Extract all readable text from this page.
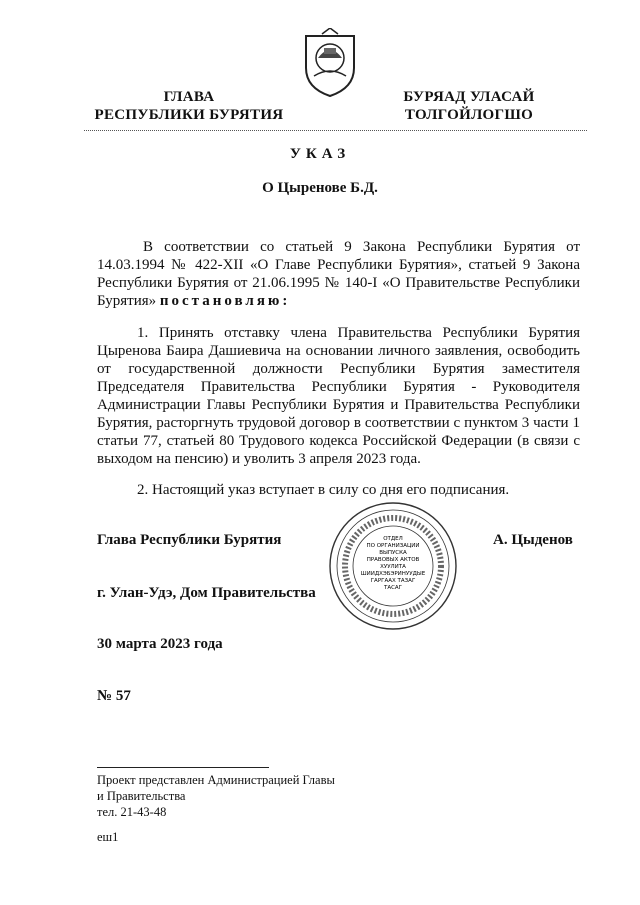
ГЛАВА
РЕСПУБЛИКИ БУРЯТИЯ
БУРЯАД УЛАСАЙ
ТОЛГОЙЛОГШО
УКАЗ
О Цыренове Б.Д.
В соответствии со статьей 9 Закона Республики Бурятия от 14.03.1994 № 422-XII «О Главе Республики Бурятия», статьей 9 Закона Республики Бурятия от 21.06.1995 № 140-I «О Правительстве Республики Бурятия» постановляю:
1. Принять отставку члена Правительства Республики Бурятия Цыренова Баира Дашиевича на основании личного заявления, освободить от государственной должности Республики Бурятия заместителя Председателя Правительства Республики Бурятия - Руководителя Администрации Главы Республики Бурятия и Правительства Республики Бурятия, расторгнуть трудовой договор в соответствии с пунктом 3 части 1 статьи 77, статьей 80 Трудового кодекса Российской Федерации (в связи с выходом на пенсию) и уволить 3 апреля 2023 года.
2. Настоящий указ вступает в силу со дня его подписания.
ОТДЕЛ
ПО ОРГАНИЗАЦИИ
ВЫПУСКА
ПРАВОВЫХ АКТОВ
ХУУЛИТА
ШИИДХЭБЭРИНУУДЫЕ
ГАРГААХ ТАЗАГ
ТАСАГ
Глава Республики Бурятия	А. Цыденов
г. Улан-Удэ, Дом Правительства
30 марта 2023 года
№ 57
Проект представлен Администрацией Главы
и Правительства
тел. 21-43-48
еш1
